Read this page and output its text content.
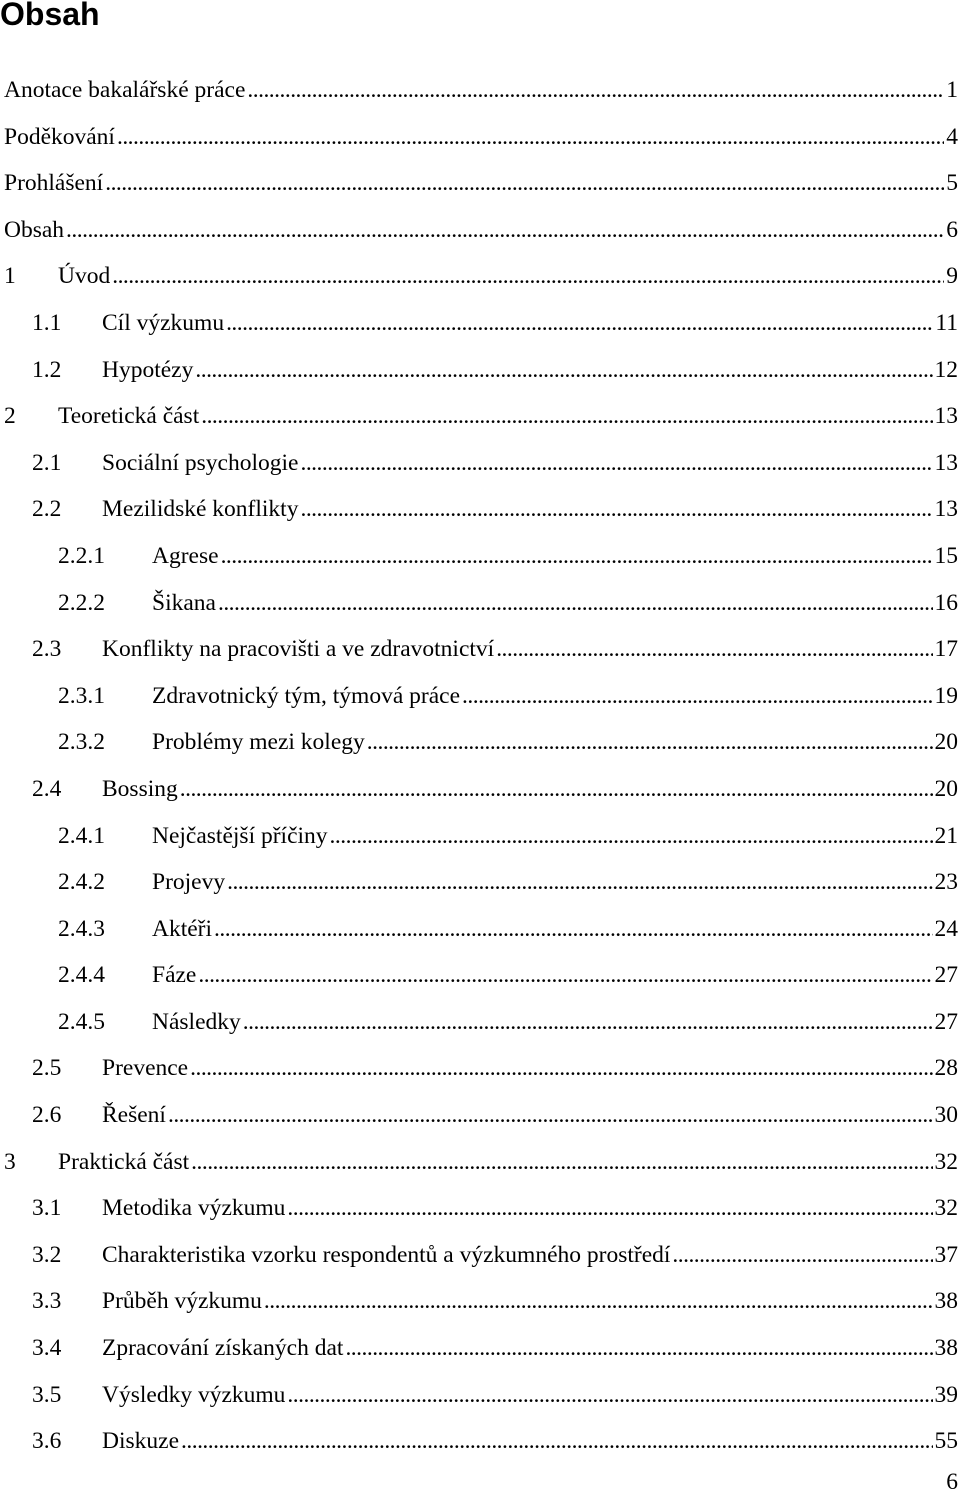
Obsah
Anotace bakalářské práce . . .	1
Poděkování . . .	4
Prohlášení . . .	5
Obsah . . .	6
1	Úvod . . .	9
1.1	Cíl výzkumu . . .	11
1.2	Hypotézy . . .	12
2	Teoretická část . . .	13
2.1	Sociální psychologie . . .	13
2.2	Mezilidské konflikty . . .	13
2.2.1	Agrese . . .	15
2.2.2	Šikana . . .	16
2.3	Konflikty na pracovišti a ve zdravotnictví . . .	17
2.3.1	Zdravotnický tým, týmová práce . . .	19
2.3.2	Problémy mezi kolegy . . .	20
2.4	Bossing . . .	20
2.4.1	Nejčastější příčiny . . .	21
2.4.2	Projevy . . .	23
2.4.3	Aktéři . . .	24
2.4.4	Fáze . . .	27
2.4.5	Následky . . .	27
2.5	Prevence . . .	28
2.6	Řešení . . .	30
3	Praktická část . . .	32
3.1	Metodika výzkumu . . .	32
3.2	Charakteristika vzorku respondentů a výzkumného prostředí . . .	37
3.3	Průběh výzkumu . . .	38
3.4	Zpracování získaných dat . . .	38
3.5	Výsledky výzkumu . . .	39
3.6	Diskuze . . .	55
6
